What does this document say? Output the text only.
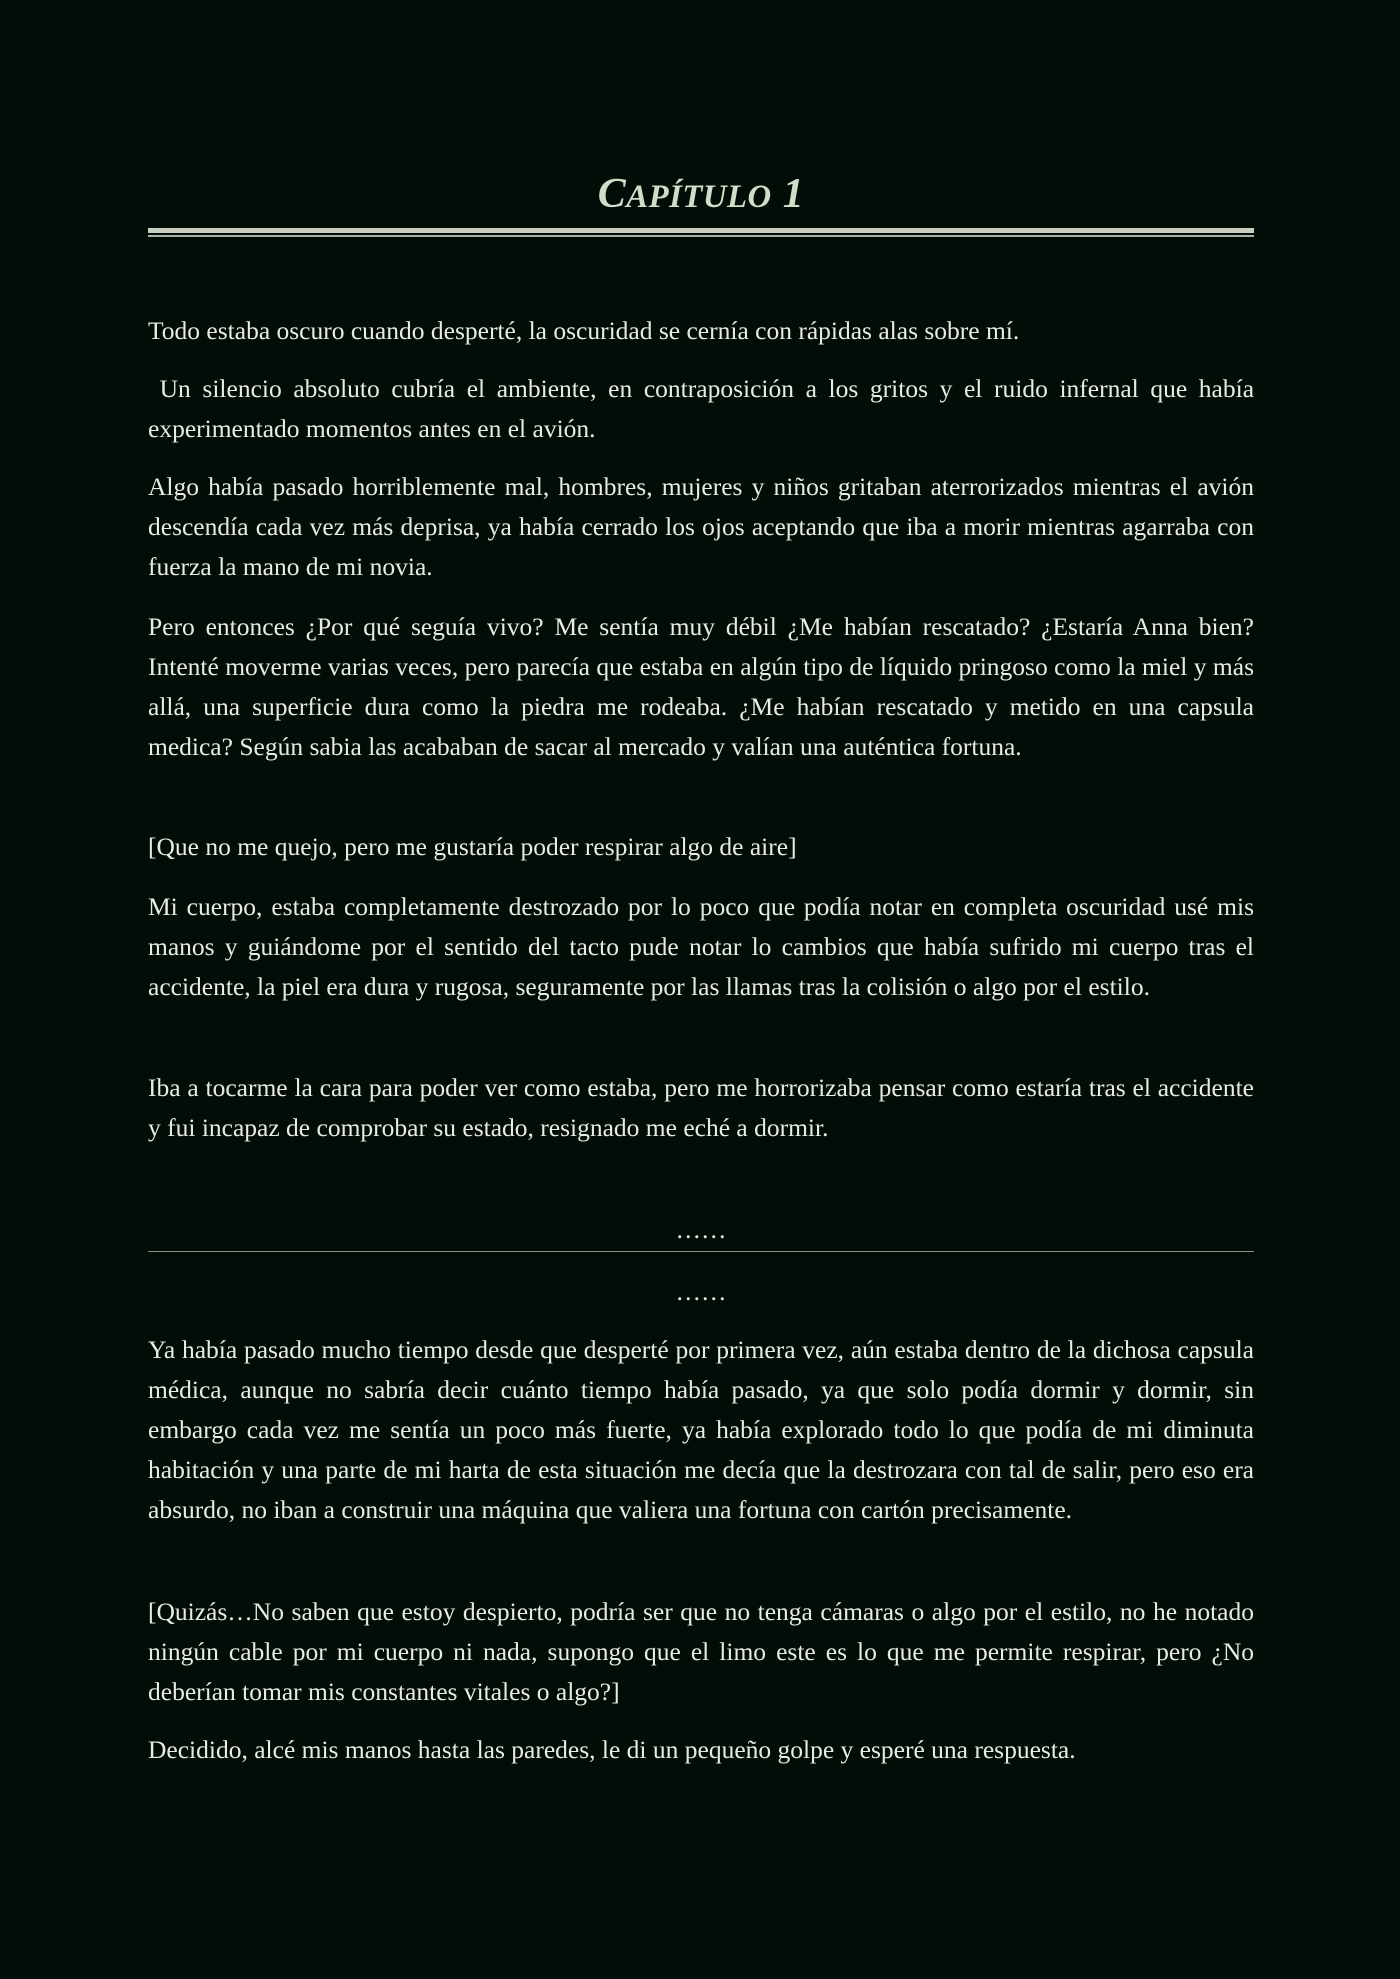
CAPÍTULO 1

Todo estaba oscuro cuando desperté, la oscuridad se cernía con rápidas alas sobre mí.

Un silencio absoluto cubría el ambiente, en contraposición a los gritos y el ruido infernal que había experimentado momentos antes en el avión.

Algo había pasado horriblemente mal, hombres, mujeres y niños gritaban aterrorizados mientras el avión descendía cada vez más deprisa, ya había cerrado los ojos aceptando que iba a morir mientras agarraba con fuerza la mano de mi novia.

Pero entonces ¿Por qué seguía vivo? Me sentía muy débil ¿Me habían rescatado? ¿Estaría Anna bien? Intenté moverme varias veces, pero parecía que estaba en algún tipo de líquido pringoso como la miel y más allá, una superficie dura como la piedra me rodeaba. ¿Me habían rescatado y metido en una capsula medica? Según sabia las acababan de sacar al mercado y valían una auténtica fortuna.

[Que no me quejo, pero me gustaría poder respirar algo de aire]

Mi cuerpo, estaba completamente destrozado por lo poco que podía notar en completa oscuridad usé mis manos y guiándome por el sentido del tacto pude notar lo cambios que había sufrido mi cuerpo tras el accidente, la piel era dura y rugosa, seguramente por las llamas tras la colisión o algo por el estilo.

Iba a tocarme la cara para poder ver como estaba, pero me horrorizaba pensar como estaría tras el accidente y fui incapaz de comprobar su estado, resignado me eché a dormir.

……

……

Ya había pasado mucho tiempo desde que desperté por primera vez, aún estaba dentro de la dichosa capsula médica, aunque no sabría decir cuánto tiempo había pasado, ya que solo podía dormir y dormir, sin embargo cada vez me sentía un poco más fuerte, ya había explorado todo lo que podía de mi diminuta habitación y una parte de mi harta de esta situación me decía que la destrozara con tal de salir, pero eso era absurdo, no iban a construir una máquina que valiera una fortuna con cartón precisamente.

[Quizás…No saben que estoy despierto, podría ser que no tenga cámaras o algo por el estilo, no he notado ningún cable por mi cuerpo ni nada, supongo que el limo este es lo que me permite respirar, pero ¿No deberían tomar mis constantes vitales o algo?]

Decidido, alcé mis manos hasta las paredes, le di un pequeño golpe y esperé una respuesta.
